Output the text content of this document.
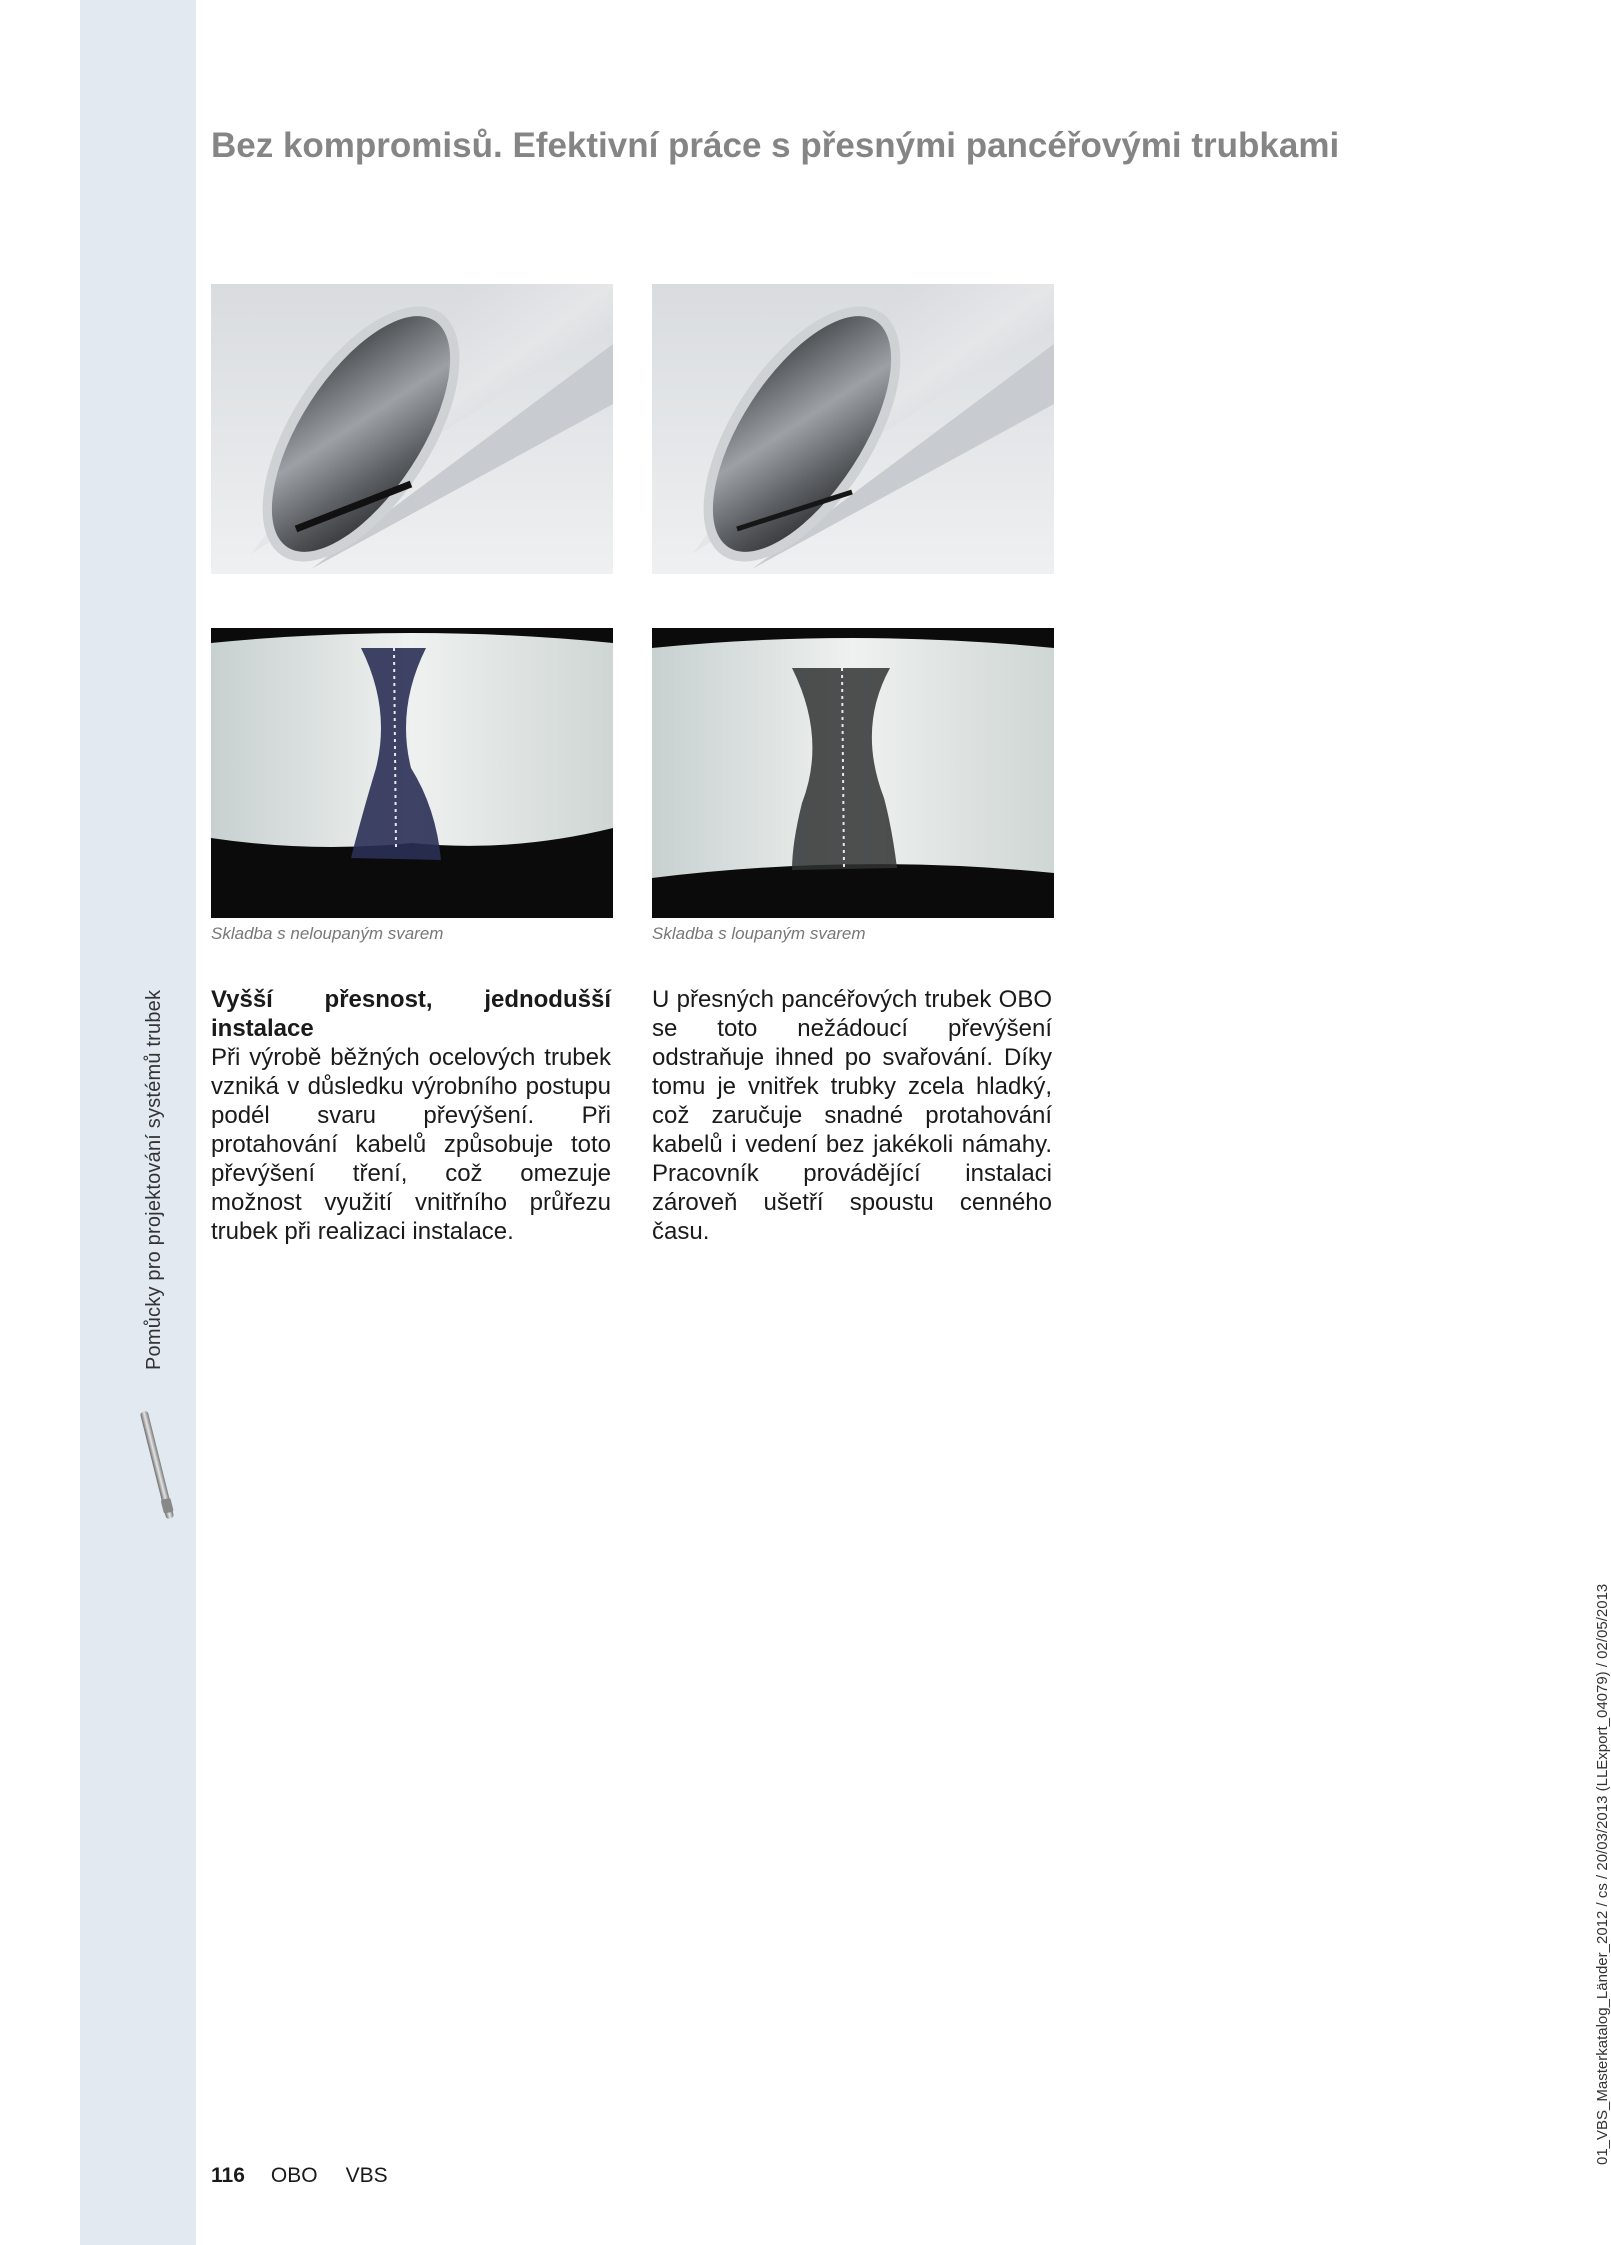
Pomůcky pro projektování systémů trubek
Bez kompromisů. Efektivní práce s přesnými pancéřovými trubkami
Skladba s neloupaným svarem	Skladba s loupaným svarem
Vyšší přesnost, jednodušší instalace
Při výrobě běžných ocelových trubek vzniká v důsledku výrobního postupu podél svaru převýšení. Při protahování kabelů způsobuje toto převýšení tření, což omezuje možnost využití vnitřního průřezu trubek při realizaci instalace.
U přesných pancéřových trubek OBO se toto nežádoucí převýšení odstraňuje ihned po svařování. Díky tomu je vnitřek trubky zcela hladký, což zaručuje snadné protahování kabelů i vedení bez jakékoli námahy. Pracovník provádějící instalaci zároveň ušetří spoustu cenného času.
116 OBO VBS
01_VBS_Masterkatalog_Länder_2012 / cs / 20/03/2013 (LLExport_04079) / 02/05/2013
